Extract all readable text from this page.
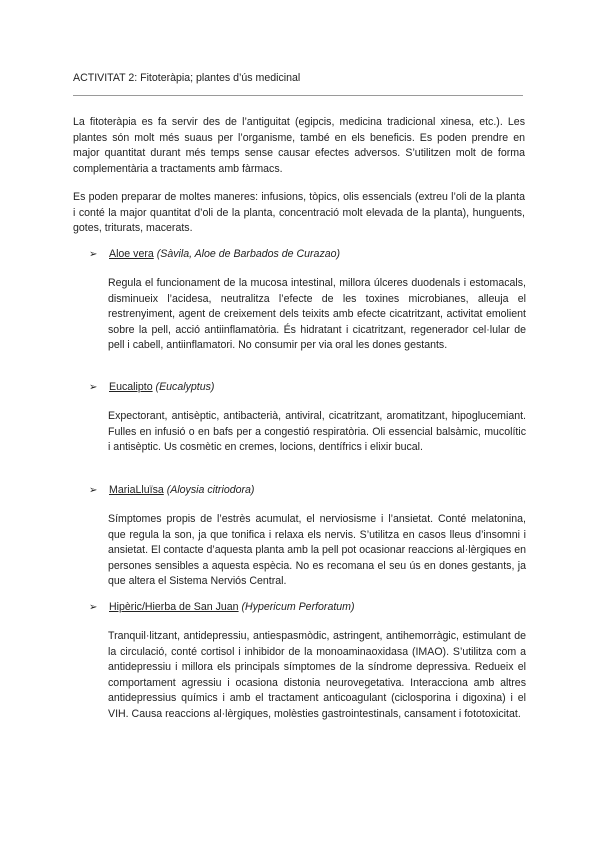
ACTIVITAT 2: Fitoteràpia; plantes d’ús medicinal

La fitoteràpia es fa servir des de l’antiguitat (egipcis, medicina tradicional xinesa, etc.). Les plantes són molt més suaus per l’organisme, també en els beneficis. Es poden prendre en major quantitat durant més temps sense causar efectes adversos. S’utilitzen molt de forma complementària a tractaments amb fàrmacs.

Es poden preparar de moltes maneres: infusions, tòpics, olis essencials (extreu l’oli de la planta i conté la major quantitat d’oli de la planta, concentració molt elevada de la planta), hunguents, gotes, triturats, macerats.

➢ Aloe vera (Sàvila, Aloe de Barbados de Curazao)

Regula el funcionament de la mucosa intestinal, millora úlceres duodenals i estomacals, disminueix l’acidesa, neutralitza l’efecte de les toxines microbianes, alleuja el restrenyiment, agent de creixement dels teixits amb efecte cicatritzant, activitat emolient sobre la pell, acció antiinflamatòria. És hidratant i cicatritzant, regenerador cel·lular de pell i cabell, antiinflamatori. No consumir per via oral les dones gestants.

➢ Eucalipto (Eucalyptus)

Expectorant, antisèptic, antibacterià, antiviral, cicatritzant, aromatitzant, hipoglucemiant. Fulles en infusió o en bafs per a congestió respiratòria. Oli essencial balsàmic, mucolític i antisèptic. Us cosmètic en cremes, locions, dentífrics i elixir bucal.

➢ MariaLluïsa (Aloysia citriodora)

Símptomes propis de l’estrès acumulat, el nerviosisme i l’ansietat. Conté melatonina, que regula la son, ja que tonifica i relaxa els nervis. S’utilitza en casos lleus d’insomni i ansietat. El contacte d’aquesta planta amb la pell pot ocasionar reaccions al·lèrgiques en persones sensibles a aquesta espècia. No es recomana el seu ús en dones gestants, ja que altera el Sistema Nerviós Central.

➢ Hipèric/Hierba de San Juan (Hypericum Perforatum)

Tranquil·litzant, antidepressiu, antiespasmòdic, astringent, antihemorràgic, estimulant de la circulació, conté cortisol i inhibidor de la monoaminaoxidasa (IMAO). S’utilitza com a antidepressiu i millora els principals símptomes de la síndrome depressiva. Redueix el comportament agressiu i ocasiona distonia neurovegetativa. Interacciona amb altres antidepressius químics i amb el tractament anticoagulant (ciclosporina i digoxina) i el VIH. Causa reaccions al·lèrgiques, molèsties gastrointestinals, cansament i fototoxicitat.
